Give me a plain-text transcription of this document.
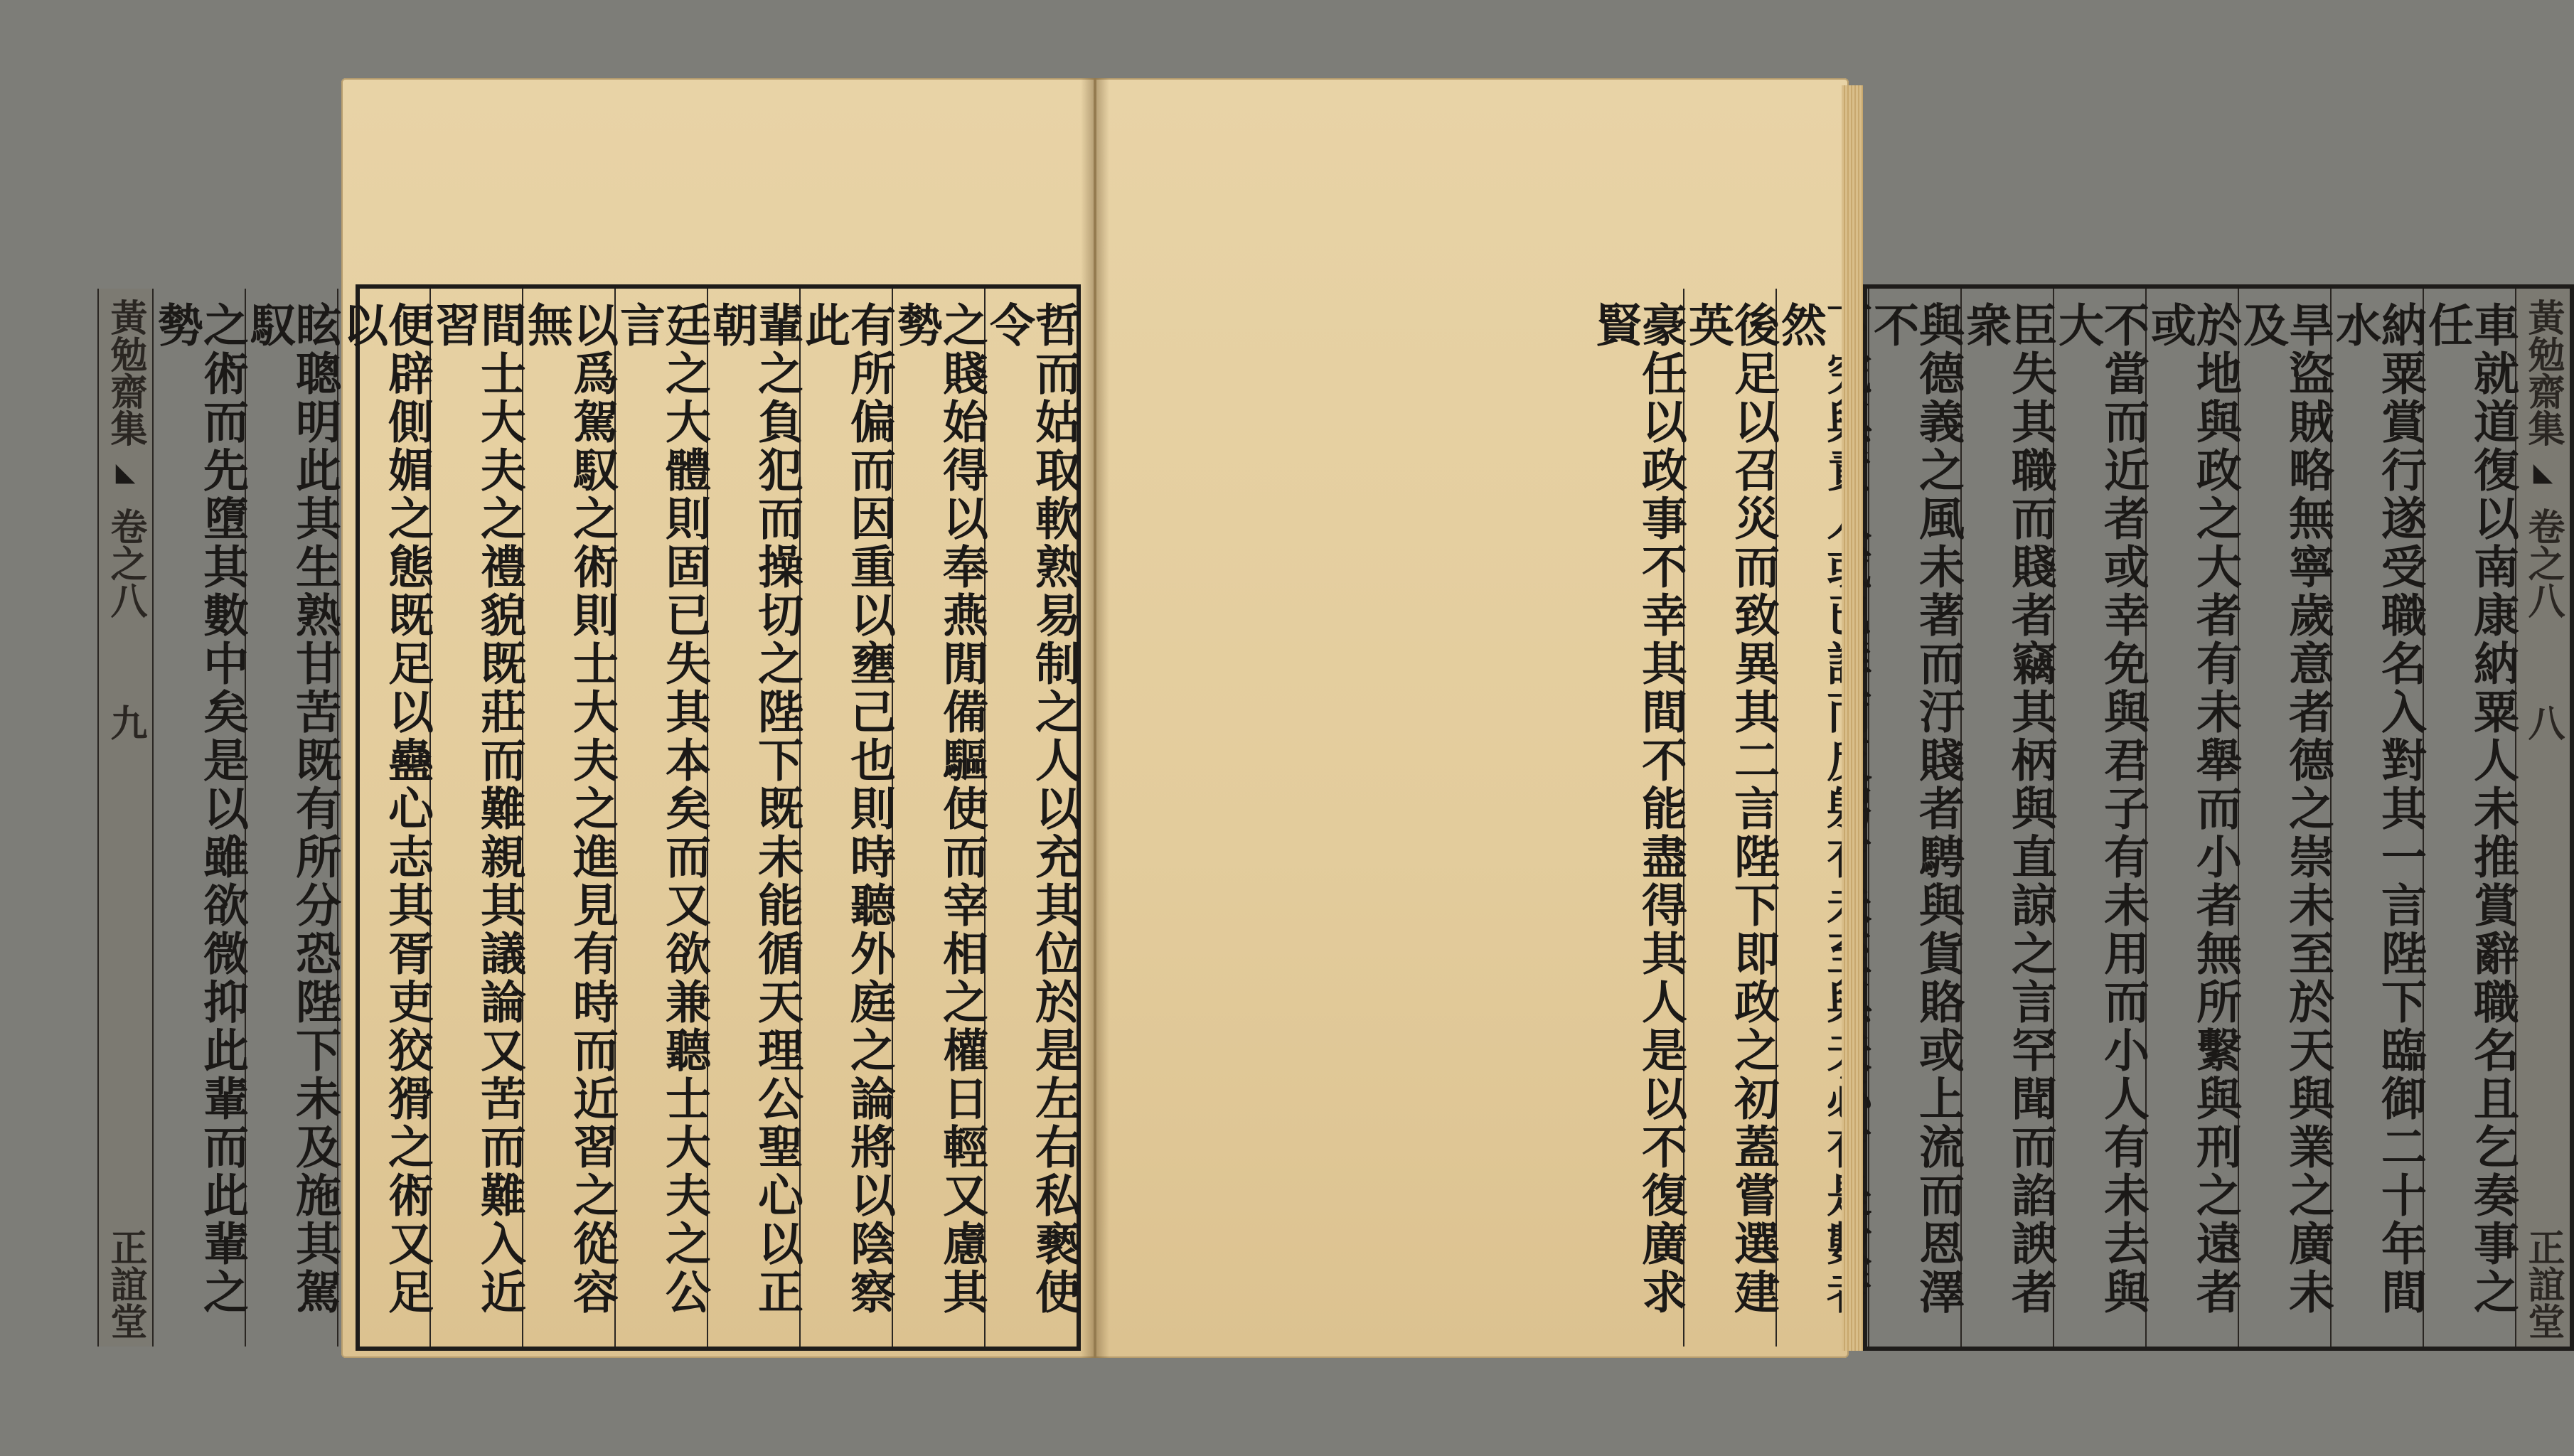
哲而姑取軟熟易制之人以充其位於是左右私褻使令
之賤始得以奉燕閒備驅使而宰相之權日輕又慮其勢
有所偏而因重以壅己也則時聽外庭之論將以陰察此
輩之負犯而操切之陛下既未能循天理公聖心以正朝
廷之大體則固已失其本矣而又欲兼聽士大夫之公言
以爲駕馭之術則士大夫之進見有時而近習之從容無
間士大夫之禮貌既莊而難親其議論又苦而難入近習
便辟側媚之態既足以蠱心志其胥吏狡猾之術又足以
眩聰明此其生熟甘苦既有所分恐陛下未及施其駕馭
之術而先墮其數中矣是以雖欲微抑此輩而此輩之勢
黃勉齋集
◣
卷之八
九
正誼堂
黃勉齋集
◣
卷之八
八
正誼堂
車就道復以南康納粟人未推賞辭職名且乞奏事之任
納粟賞行遂受職名入對其一言陛下臨御二十年間水
旱盜賊略無寧歲意者德之崇未至於天與業之廣未及
於地與政之大者有未舉而小者無所繫與刑之遠者或
不當而近者或幸免與君子有未用而小人有未去與大
臣失其職而賤者竊其柄與直諒之言罕聞而諂諛者衆
與德義之風未著而汙賤者騁與貨賂或上流而恩澤不
然
後足以召災而致異其二言陛下即政之初蓋嘗選建英
豪任以政事不幸其間不能盡得其人是以不復廣求賢
